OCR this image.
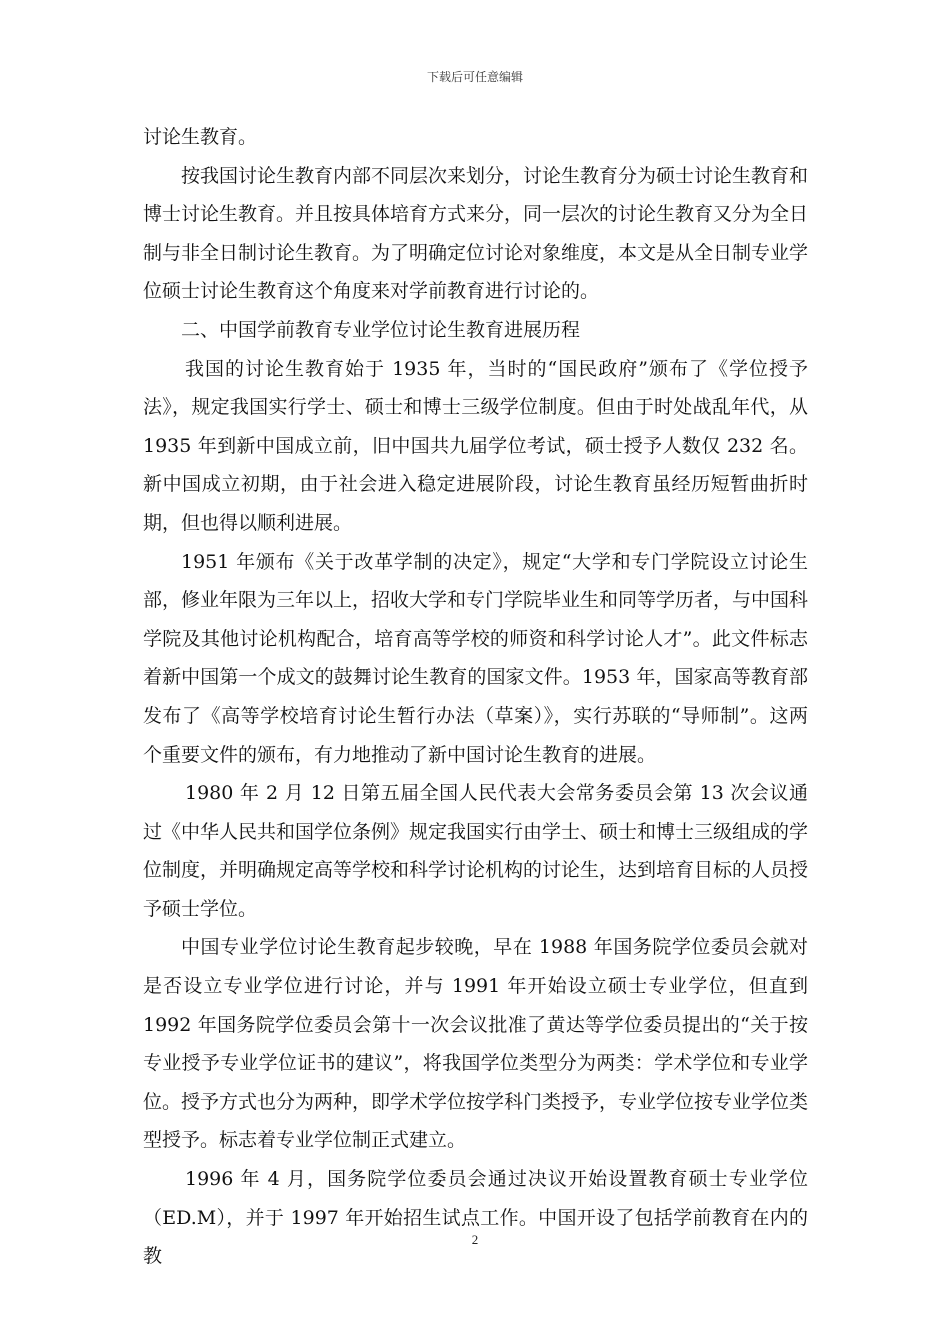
下载后可任意编辑

讨论生教育。

按我国讨论生教育内部不同层次来划分，讨论生教育分为硕士讨论生教育和博士讨论生教育。并且按具体培育方式来分，同一层次的讨论生教育又分为全日制与非全日制讨论生教育。为了明确定位讨论对象维度，本文是从全日制专业学位硕士讨论生教育这个角度来对学前教育进行讨论的。

二、中国学前教育专业学位讨论生教育进展历程

我国的讨论生教育始于 1935 年，当时的“国民政府”颁布了《学位授予法》，规定我国实行学士、硕士和博士三级学位制度。但由于时处战乱年代，从 1935 年到新中国成立前，旧中国共九届学位考试，硕士授予人数仅 232 名。新中国成立初期，由于社会进入稳定进展阶段，讨论生教育虽经历短暂曲折时期，但也得以顺利进展。

1951 年颁布《关于改革学制的决定》，规定“大学和专门学院设立讨论生部，修业年限为三年以上，招收大学和专门学院毕业生和同等学历者，与中国科学院及其他讨论机构配合，培育高等学校的师资和科学讨论人才”。此文件标志着新中国第一个成文的鼓舞讨论生教育的国家文件。1953 年，国家高等教育部发布了《高等学校培育讨论生暂行办法（草案）》，实行苏联的“导师制”。这两个重要文件的颁布，有力地推动了新中国讨论生教育的进展。

1980 年 2 月 12 日第五届全国人民代表大会常务委员会第 13 次会议通过《中华人民共和国学位条例》规定我国实行由学士、硕士和博士三级组成的学位制度，并明确规定高等学校和科学讨论机构的讨论生，达到培育目标的人员授予硕士学位。

中国专业学位讨论生教育起步较晚，早在 1988 年国务院学位委员会就对是否设立专业学位进行讨论，并与 1991 年开始设立硕士专业学位，但直到 1992 年国务院学位委员会第十一次会议批准了黄达等学位委员提出的“关于按专业授予专业学位证书的建议”，将我国学位类型分为两类：学术学位和专业学位。授予方式也分为两种，即学术学位按学科门类授予，专业学位按专业学位类型授予。标志着专业学位制正式建立。

1996 年 4 月，国务院学位委员会通过决议开始设置教育硕士专业学位（ED.M），并于 1997 年开始招生试点工作。中国开设了包括学前教育在内的教

2
